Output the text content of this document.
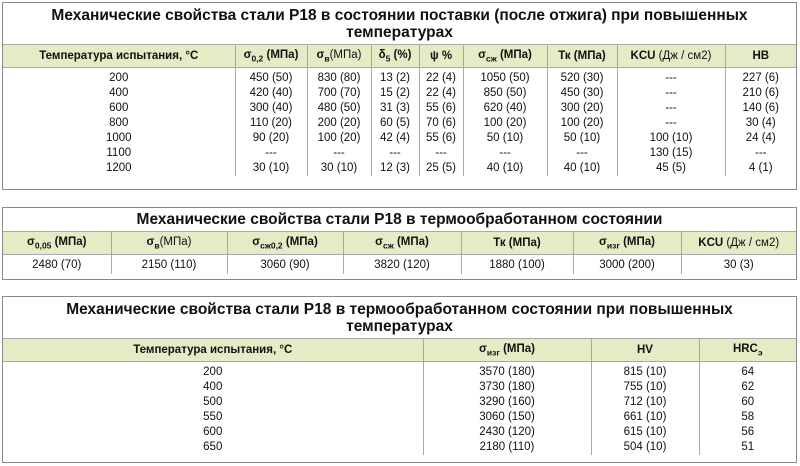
Механические свойства стали Р18 в состоянии поставки (после отжига) при повышенных температурах
Температура испытания, °С	$\sigma_{0,2}$ (МПа)	$\sigma_в(МПа)$	$\delta_5$ (%)	ψ %	$\sigma_{сж}$ (МПа)	Тк (МПа)	KCU (Дж / см2)	НВ
200	450 (50)	830 (80)	13 (2)	22 (4)	1050 (50)	520 (30)	---	227 (6)
400	420 (40)	700 (70)	15 (2)	22 (4)	850 (50)	450 (30)	---	210 (6)
600	300 (40)	480 (50)	31 (3)	55 (6)	620 (40)	300 (20)	---	140 (6)
800	110 (20)	200 (20)	60 (5)	70 (6)	100 (20)	100 (20)	---	30 (4)
1000	90 (20)	100 (20)	42 (4)	55 (6)	50 (10)	50 (10)	100 (10)	24 (4)
1100	---	---	---	---	---	---	130 (15)	---
1200	30 (10)	30 (10)	12 (3)	25 (5)	40 (10)	40 (10)	45 (5)	4 (1)
Механические свойства стали Р18 в термообработанном состоянии
$\sigma_{0,05}$ (МПа)	$\sigma_в(МПа)$	$\sigma_{сж0,2}$ (МПа)	$\sigma_{сж}$ (МПа)	Тк (МПа)	$\sigma_{изг}$ (МПа)	KCU (Дж / см2)
2480 (70)	2150 (110)	3060 (90)	3820 (120)	1880 (100)	3000 (200)	30 (3)
Механические свойства стали Р18 в термообработанном состоянии при повышенных температурах
Температура испытания, °С	$\sigma_{изг}$ (МПа)	HV	$HRC_э$
200	3570 (180)	815 (10)	64
400	3730 (180)	755 (10)	62
500	3290 (160)	712 (10)	60
550	3060 (150)	661 (10)	58
600	2430 (120)	615 (10)	56
650	2180 (110)	504 (10)	51
